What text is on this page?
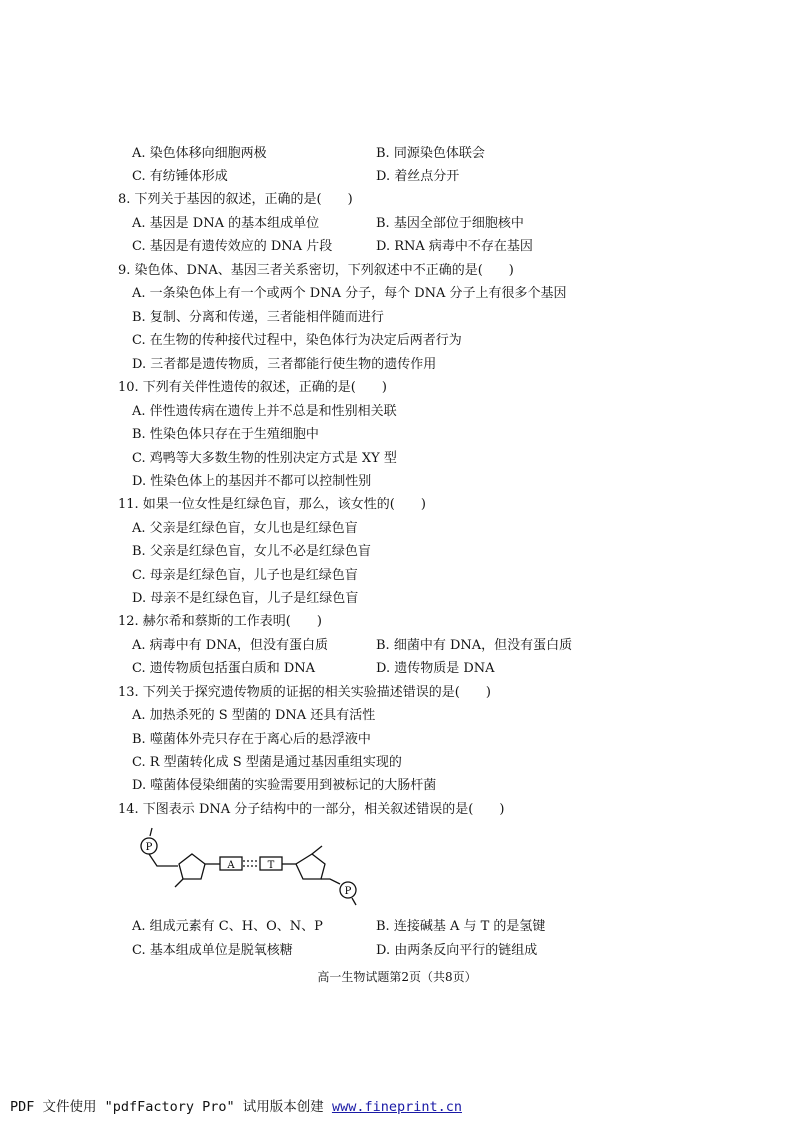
A. 染色体移向细胞两极	B. 同源染色体联会
C. 有纺锤体形成	D. 着丝点分开
8. 下列关于基因的叙述，正确的是(　　)
A. 基因是 DNA 的基本组成单位	B. 基因全部位于细胞核中
C. 基因是有遗传效应的 DNA 片段	D. RNA 病毒中不存在基因
9. 染色体、DNA、基因三者关系密切，下列叙述中不正确的是(　　)
A. 一条染色体上有一个或两个 DNA 分子，每个 DNA 分子上有很多个基因
B. 复制、分离和传递，三者能相伴随而进行
C. 在生物的传种接代过程中，染色体行为决定后两者行为
D. 三者都是遗传物质，三者都能行使生物的遗传作用
10. 下列有关伴性遗传的叙述，正确的是(　　)
A. 伴性遗传病在遗传上并不总是和性别相关联
B. 性染色体只存在于生殖细胞中
C. 鸡鸭等大多数生物的性别决定方式是 XY 型
D. 性染色体上的基因并不都可以控制性别
11. 如果一位女性是红绿色盲，那么，该女性的(　　)
A. 父亲是红绿色盲，女儿也是红绿色盲
B. 父亲是红绿色盲，女儿不必是红绿色盲
C. 母亲是红绿色盲，儿子也是红绿色盲
D. 母亲不是红绿色盲，儿子是红绿色盲
12. 赫尔希和蔡斯的工作表明(　　)
A. 病毒中有 DNA，但没有蛋白质	B. 细菌中有 DNA，但没有蛋白质
C. 遗传物质包括蛋白质和 DNA	D. 遗传物质是 DNA
13. 下列关于探究遗传物质的证据的相关实验描述错误的是(　　)
A. 加热杀死的 S 型菌的 DNA 还具有活性
B. 噬菌体外壳只存在于离心后的悬浮液中
C. R 型菌转化成 S 型菌是通过基因重组实现的
D. 噬菌体侵染细菌的实验需要用到被标记的大肠杆菌
14. 下图表示 DNA 分子结构中的一部分，相关叙述错误的是(　　)
P
A	T
P
A. 组成元素有 C、H、O、N、P	B. 连接碱基 A 与 T 的是氢键
C. 基本组成单位是脱氧核糖	D. 由两条反向平行的链组成
高一生物试题第2页（共8页）
PDF 文件使用 "pdfFactory Pro" 试用版本创建 www.fineprint.cn
